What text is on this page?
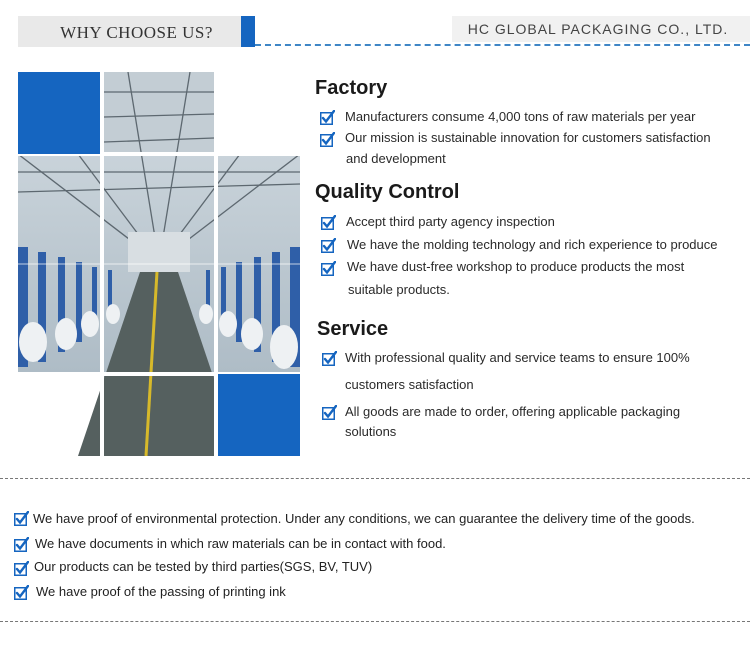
WHY CHOOSE US?	HC GLOBAL PACKAGING CO., LTD.
Factory
Manufacturers consume 4,000 tons of raw materials per year
Our mission is sustainable innovation for customers satisfaction
and development
Quality Control
Accept third party agency inspection
We have the molding technology and rich experience to produce
We have dust-free workshop to produce products the most
suitable products.
Service
With professional quality and service teams to ensure 100%
customers satisfaction
All goods are made to order, offering applicable packaging
solutions
We have proof of environmental protection. Under any conditions, we can guarantee the delivery time of the goods.
We have documents in which raw materials can be in contact with food.
Our products can be tested by third parties(SGS, BV, TUV)
We have proof of the passing of printing ink
